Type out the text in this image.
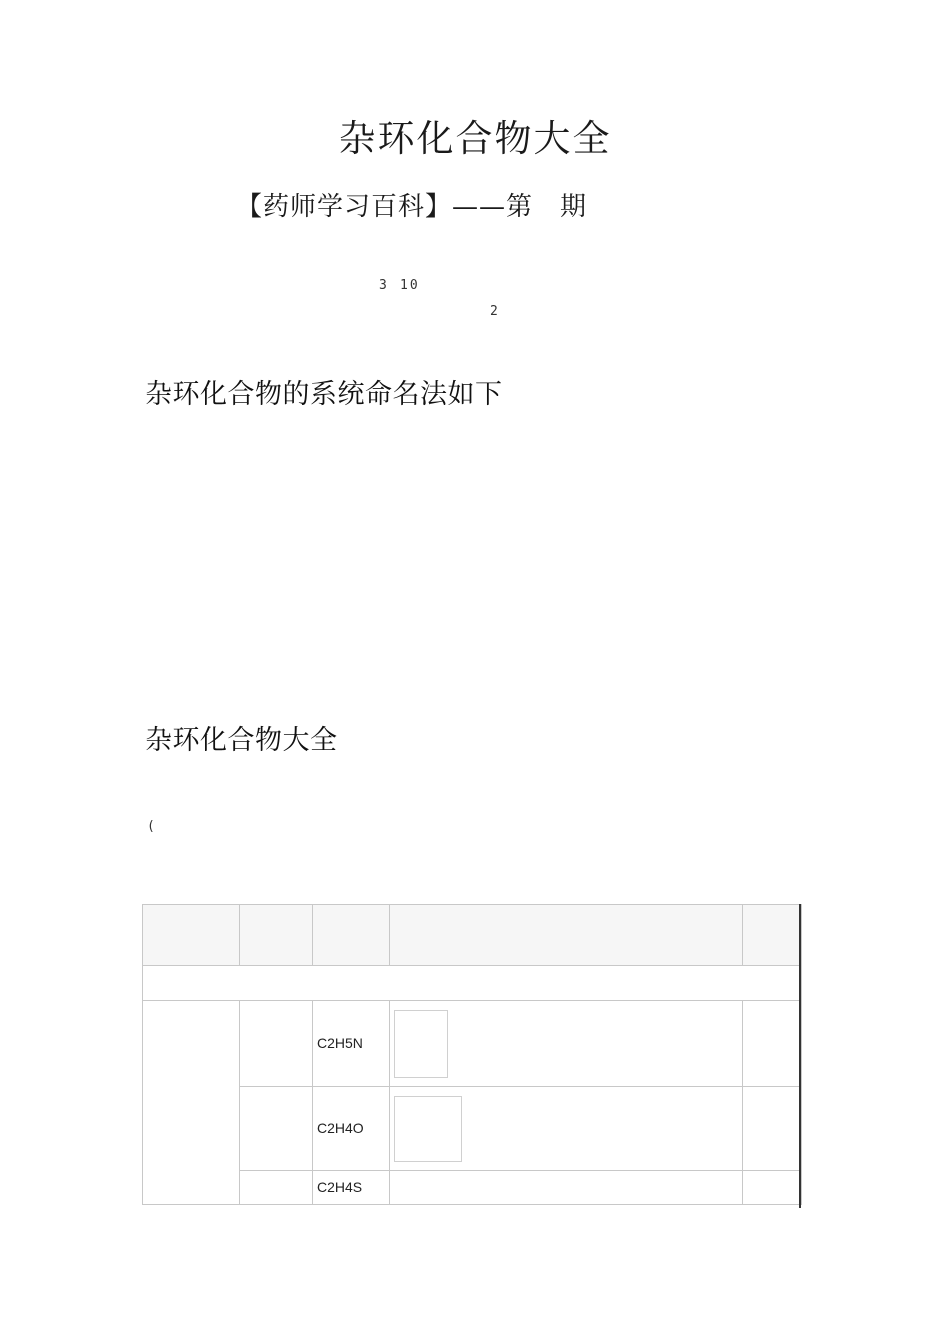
杂环化合物大全
【药师学习百科】——第　期
3 10
2
杂环化合物的系统命名法如下
杂环化合物大全
(

		C2H5N	

		C2H4O	

		C2H4S		
